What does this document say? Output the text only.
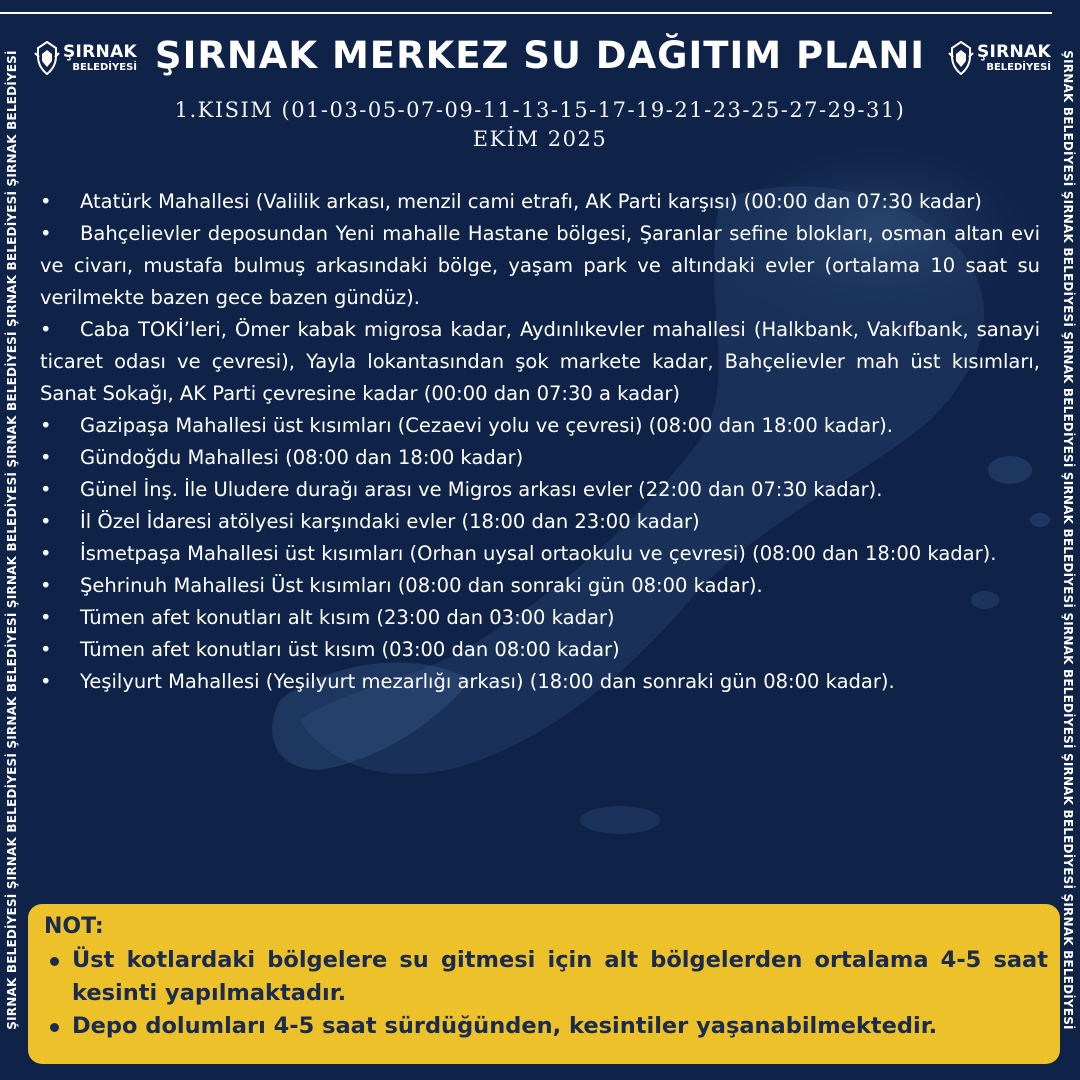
ŞIRNAK BELEDİYESİ ŞIRNAK BELEDİYESİ ŞIRNAK BELEDİYESİ ŞIRNAK BELEDİYESİ ŞIRNAK BELEDİYESİ ŞIRNAK BELEDİYESİ ŞIRNAK BELEDİYESİ	ŞIRNAK BELEDİYESİ ŞIRNAK BELEDİYESİ ŞIRNAK BELEDİYESİ ŞIRNAK BELEDİYESİ ŞIRNAK BELEDİYESİ ŞIRNAK BELEDİYESİ ŞIRNAK BELEDİYESİ
ŞIRNAK
BELEDİYESİ
ŞIRNAK
BELEDİYESİ
ŞIRNAK MERKEZ SU DAĞITIM PLANI
1.KISIM (01-03-05-07-09-11-13-15-17-19-21-23-25-27-29-31)
EKİM 2025
• Atatürk Mahallesi (Valilik arkası, menzil cami etrafı, AK Parti karşısı) (00:00 dan 07:30 kadar)
• Bahçelievler deposundan Yeni mahalle Hastane bölgesi, Şaranlar sefine blokları, osman altan evi ve civarı, mustafa bulmuş arkasındaki bölge, yaşam park ve altındaki evler (ortalama 10 saat su verilmekte bazen gece bazen gündüz).
• Caba TOKİ’leri, Ömer kabak migrosa kadar, Aydınlıkevler mahallesi (Halkbank, Vakıfbank, sanayi ticaret odası ve çevresi), Yayla lokantasından şok markete kadar, Bahçelievler mah üst kısımları, Sanat Sokağı, AK Parti çevresine kadar (00:00 dan 07:30 a kadar)
• Gazipaşa Mahallesi üst kısımları (Cezaevi yolu ve çevresi) (08:00 dan 18:00 kadar).
• Gündoğdu Mahallesi (08:00 dan 18:00 kadar)
• Günel İnş. İle Uludere durağı arası ve Migros arkası evler (22:00 dan 07:30 kadar).
• İl Özel İdaresi atölyesi karşındaki evler (18:00 dan 23:00 kadar)
• İsmetpaşa Mahallesi üst kısımları (Orhan uysal ortaokulu ve çevresi) (08:00 dan 18:00 kadar).
• Şehrinuh Mahallesi Üst kısımları (08:00 dan sonraki gün 08:00 kadar).
• Tümen afet konutları alt kısım (23:00 dan 03:00 kadar)
• Tümen afet konutları üst kısım (03:00 dan 08:00 kadar)
• Yeşilyurt Mahallesi (Yeşilyurt mezarlığı arkası) (18:00 dan sonraki gün 08:00 kadar).

NOT:

Üst kotlardaki bölgelere su gitmesi için alt bölgelerden ortalama 4-5 saat kesinti yapılmaktadır.
Depo dolumları 4-5 saat sürdüğünden, kesintiler yaşanabilmektedir.
